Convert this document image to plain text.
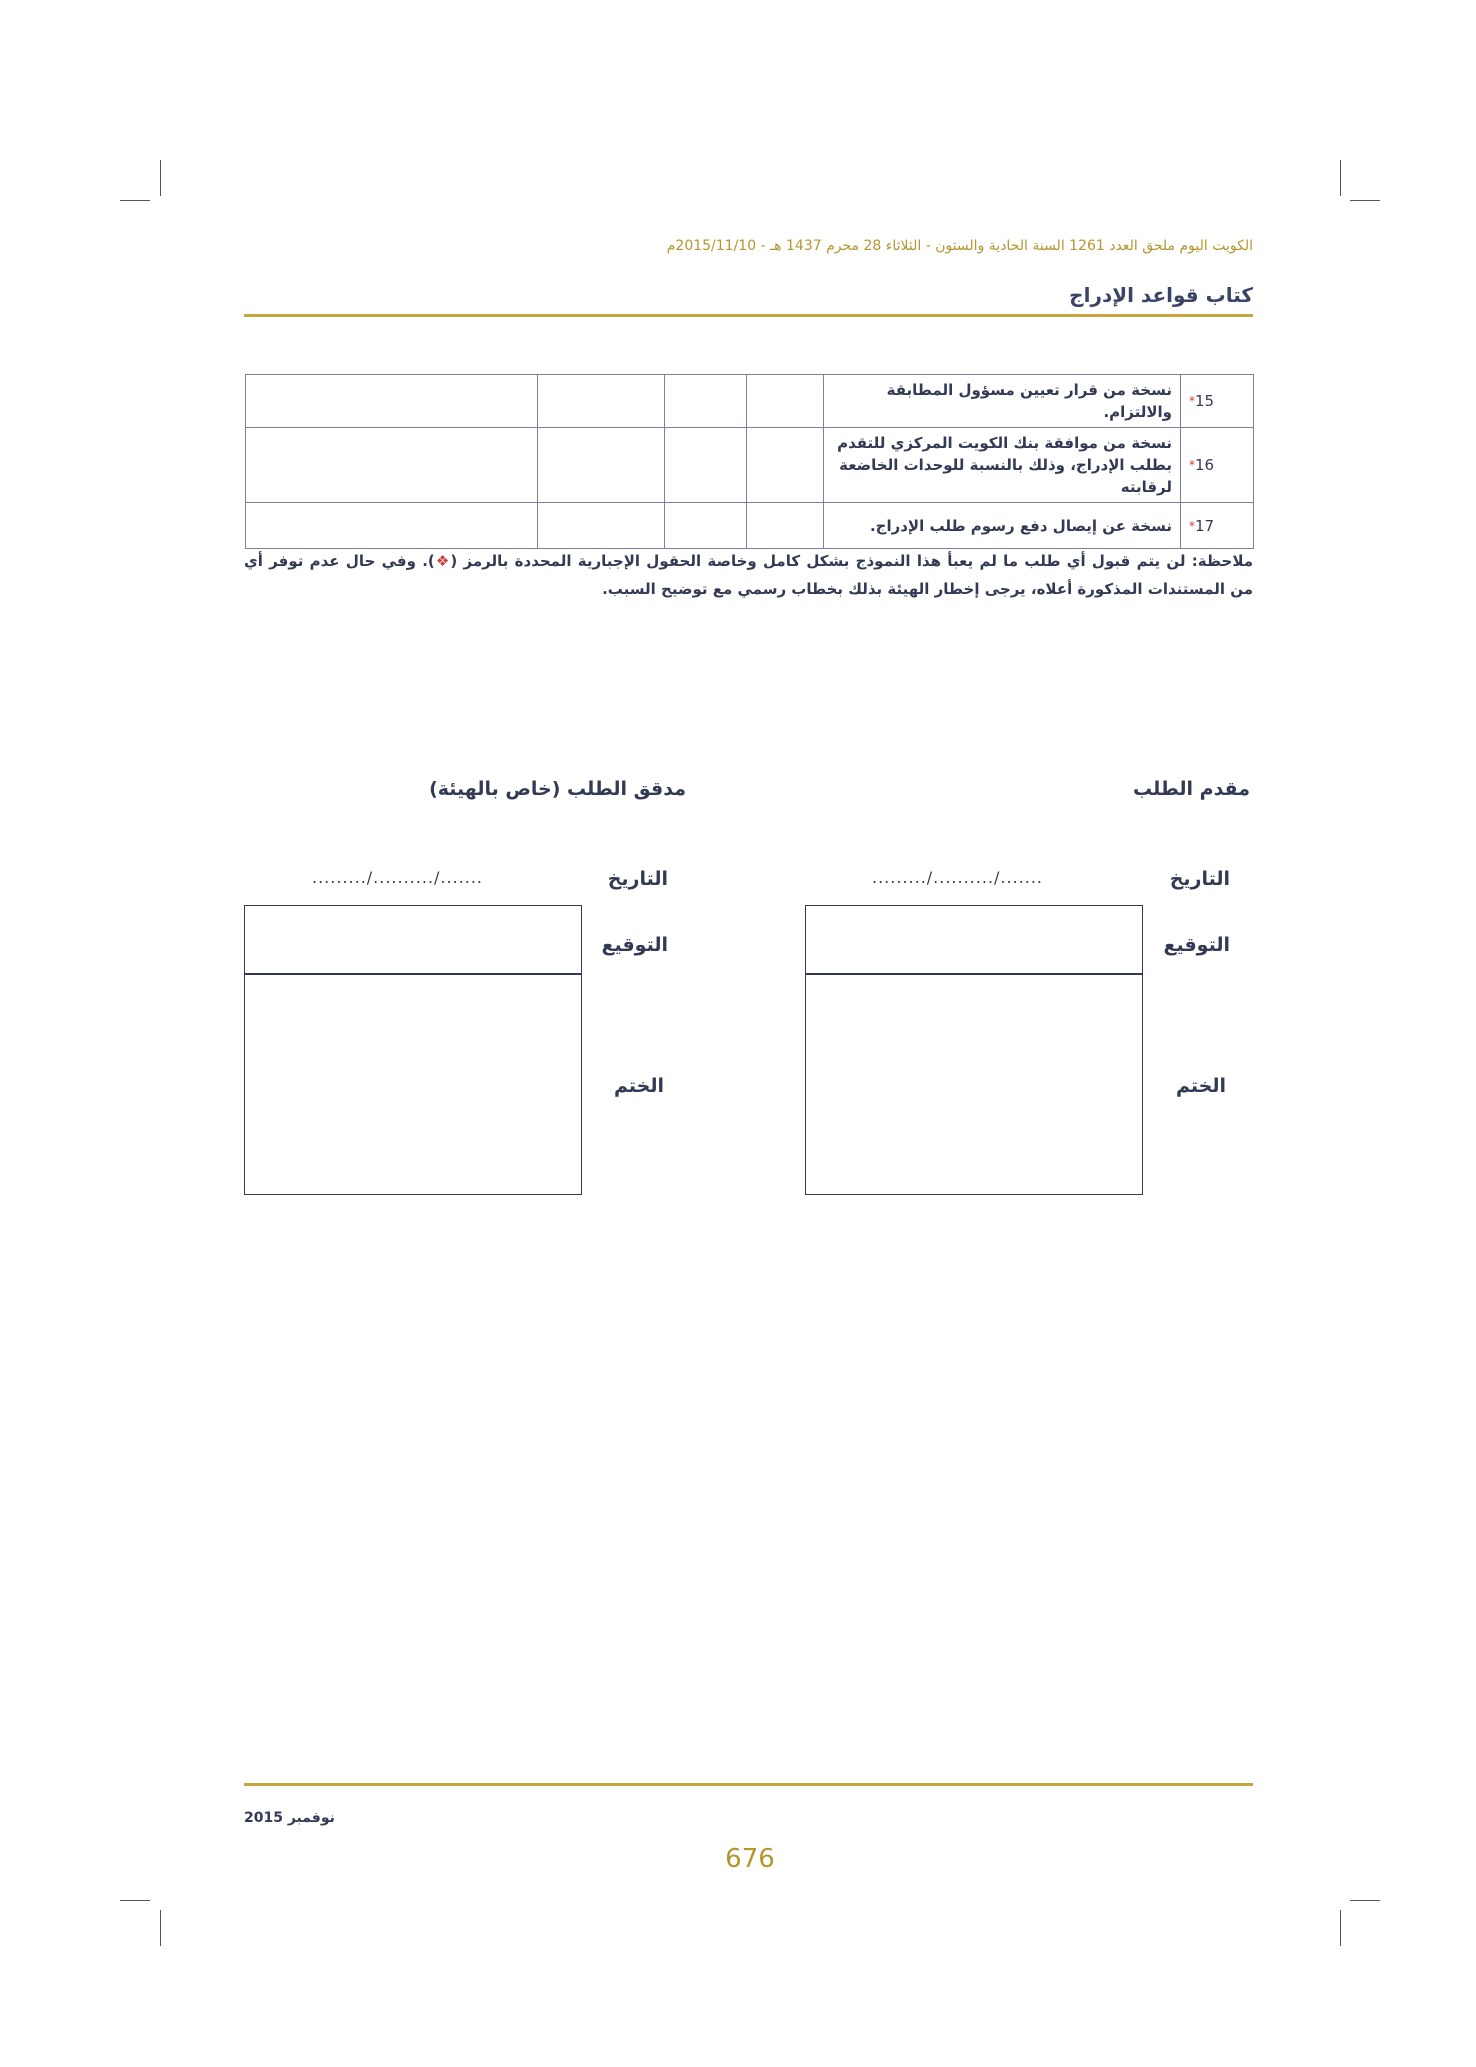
الكويت اليوم ملحق العدد 1261 السنة الحادية والستون - الثلاثاء 28 محرم 1437 هـ - 2015/11/10م
كتاب قواعد الإدراج
*15	نسخة من قرار تعيين مسؤول المطابقة والالتزام.				
*16	نسخة من موافقة بنك الكويت المركزي للتقدم بطلب الإدراج، وذلك بالنسبة للوحدات الخاضعة لرقابته				
*17	نسخة عن إيصال دفع رسوم طلب الإدراج.				
ملاحظة: لن يتم قبول أي طلب ما لم يعبأ هذا النموذج بشكل كامل وخاصة الحقول الإجبارية المحددة بالرمز (❖). وفي حال عدم توفر أي من المستندات المذكورة أعلاه، يرجى إخطار الهيئة بذلك بخطاب رسمي مع توضيح السبب.
مقدم الطلب
التاريخ
........./........../.......
التوقيع
الختم
مدقق الطلب (خاص بالهيئة)
التاريخ
........./........../.......
التوقيع
الختم
نوفمبر 2015
676
